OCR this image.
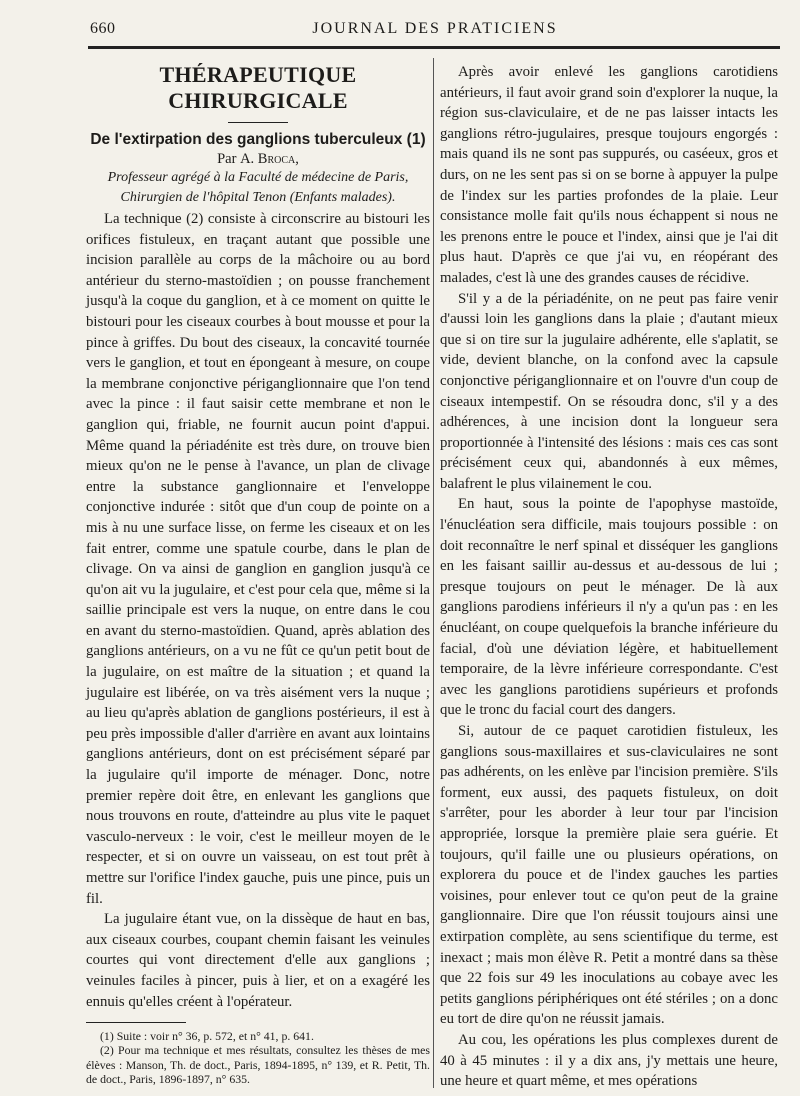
660	JOURNAL DES PRATICIENS
THÉRAPEUTIQUE CHIRURGICALE
De l'extirpation des ganglions tuberculeux (1)
Par A. Broca,
Professeur agrégé à la Faculté de médecine de Paris,
Chirurgien de l'hôpital Tenon (Enfants malades).

La technique (2) consiste à circonscrire au bistouri les orifices fistuleux, en traçant autant que possible une incision parallèle au corps de la mâchoire ou au bord antérieur du sterno-mastoïdien ; on pousse franchement jusqu'à la coque du ganglion, et à ce moment on quitte le bistouri pour les ciseaux courbes à bout mousse et pour la pince à griffes. Du bout des ciseaux, la concavité tournée vers le ganglion, et tout en épongeant à mesure, on coupe la membrane conjonctive périganglionnaire que l'on tend avec la pince : il faut saisir cette membrane et non le ganglion qui, friable, ne fournit aucun point d'appui. Même quand la périadénite est très dure, on trouve bien mieux qu'on ne le pense à l'avance, un plan de clivage entre la substance ganglionnaire et l'enveloppe conjonctive indurée : sitôt que d'un coup de pointe on a mis à nu une surface lisse, on ferme les ciseaux et on les fait entrer, comme une spatule courbe, dans le plan de clivage. On va ainsi de ganglion en ganglion jusqu'à ce qu'on ait vu la jugulaire, et c'est pour cela que, même si la saillie principale est vers la nuque, on entre dans le cou en avant du sterno-mastoïdien. Quand, après ablation des ganglions antérieurs, on a vu ne fût ce qu'un petit bout de la jugulaire, on est maître de la situation ; et quand la jugulaire est libérée, on va très aisément vers la nuque ; au lieu qu'après ablation de ganglions postérieurs, il est à peu près impossible d'aller d'arrière en avant aux lointains ganglions antérieurs, dont on est précisément séparé par la jugulaire qu'il importe de ménager. Donc, notre premier repère doit être, en enlevant les ganglions que nous trouvons en route, d'atteindre au plus vite le paquet vasculo-nerveux : le voir, c'est le meilleur moyen de le respecter, et si on ouvre un vaisseau, on est tout prêt à mettre sur l'orifice l'index gauche, puis une pince, puis un fil.

La jugulaire étant vue, on la dissèque de haut en bas, aux ciseaux courbes, coupant chemin faisant les veinules courtes qui vont directement d'elle aux ganglions ; veinules faciles à pincer, puis à lier, et on a exagéré les ennuis qu'elles créent à l'opérateur.

(1) Suite : voir n° 36, p. 572, et n° 41, p. 641.

(2) Pour ma technique et mes résultats, consultez les thèses de mes élèves : Manson, Th. de doct., Paris, 1894-1895, n° 139, et R. Petit, Th. de doct., Paris, 1896-1897, n° 635.

Après avoir enlevé les ganglions carotidiens antérieurs, il faut avoir grand soin d'explorer la nuque, la région sus-claviculaire, et de ne pas laisser intacts les ganglions rétro-jugulaires, presque toujours engorgés : mais quand ils ne sont pas suppurés, ou caséeux, gros et durs, on ne les sent pas si on se borne à appuyer la pulpe de l'index sur les parties profondes de la plaie. Leur consistance molle fait qu'ils nous échappent si nous ne les prenons entre le pouce et l'index, ainsi que je l'ai dit plus haut. D'après ce que j'ai vu, en réopérant des malades, c'est là une des grandes causes de récidive.

S'il y a de la périadénite, on ne peut pas faire venir d'aussi loin les ganglions dans la plaie ; d'autant mieux que si on tire sur la jugulaire adhérente, elle s'aplatit, se vide, devient blanche, on la confond avec la capsule conjonctive périganglionnaire et on l'ouvre d'un coup de ciseaux intempestif. On se résoudra donc, s'il y a des adhérences, à une incision dont la longueur sera proportionnée à l'intensité des lésions : mais ces cas sont précisément ceux qui, abandonnés à eux mêmes, balafrent le plus vilainement le cou.

En haut, sous la pointe de l'apophyse mastoïde, l'énucléation sera difficile, mais toujours possible : on doit reconnaître le nerf spinal et disséquer les ganglions en les faisant saillir au-dessus et au-dessous de lui ; presque toujours on peut le ménager. De là aux ganglions parodiens inférieurs il n'y a qu'un pas : en les énucléant, on coupe quelquefois la branche inférieure du facial, d'où une déviation légère, et habituellement temporaire, de la lèvre inférieure correspondante. C'est avec les ganglions parotidiens supérieurs et profonds que le tronc du facial court des dangers.

Si, autour de ce paquet carotidien fistuleux, les ganglions sous-maxillaires et sus-claviculaires ne sont pas adhérents, on les enlève par l'incision première. S'ils forment, eux aussi, des paquets fistuleux, on doit s'arrêter, pour les aborder à leur tour par l'incision appropriée, lorsque la première plaie sera guérie. Et toujours, qu'il faille une ou plusieurs opérations, on explorera du pouce et de l'index gauches les parties voisines, pour enlever tout ce qu'on peut de la graine ganglionnaire. Dire que l'on réussit toujours ainsi une extirpation complète, au sens scientifique du terme, est inexact ; mais mon élève R. Petit a montré dans sa thèse que 22 fois sur 49 les inoculations au cobaye avec les petits ganglions périphériques ont été stériles ; on a donc eu tort de dire qu'on ne réussit jamais.

Au cou, les opérations les plus complexes durent de 40 à 45 minutes : il y a dix ans, j'y mettais une heure, une heure et quart même, et mes opérations
